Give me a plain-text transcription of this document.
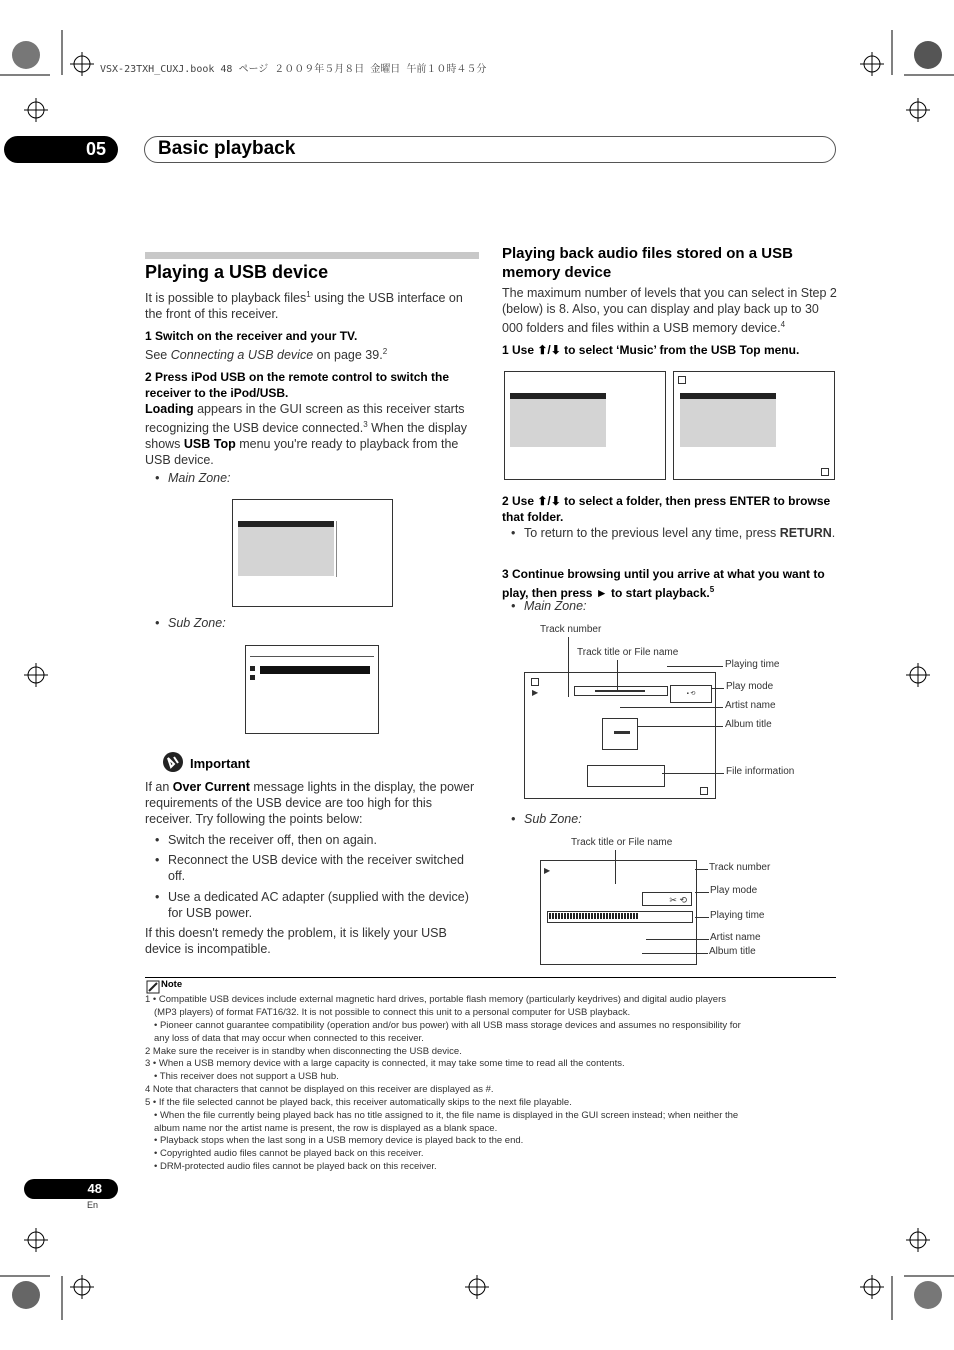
VSX-23TXH_CUXJ.book 48 ページ ２００９年５月８日 金曜日 午前１０時４５分
05	Basic playback
Playing a USB device
It is possible to playback files$^1$ using the USB interface on the front of this receiver.
1 Switch on the receiver and your TV.
See Connecting a USB device on page 39.$^2$
2 Press iPod USB on the remote control to switch the receiver to the iPod/USB.
Loading appears in the GUI screen as this receiver starts recognizing the USB device connected.$^3$ When the display shows USB Top menu you're ready to playback from the USB device.
• Main Zone:
• Sub Zone:
Important
If an Over Current message lights in the display, the power requirements of the USB device are too high for this receiver. Try following the points below:
• Switch the receiver off, then on again.
• Reconnect the USB device with the receiver switched off.
• Use a dedicated AC adapter (supplied with the device) for USB power.
If this doesn't remedy the problem, it is likely your USB device is incompatible.
Playing back audio files stored on a USB memory device
The maximum number of levels that you can select in Step 2 (below) is 8. Also, you can display and play back up to 30 000 folders and files within a USB memory device.$^4$
1 Use ⬆/⬇ to select ‘Music’ from the USB Top menu.
2 Use ⬆/⬇ to select a folder, then press ENTER to browse that folder.
• To return to the previous level any time, press RETURN.
3 Continue browsing until you arrive at what you want to play, then press ► to start playback.$^5$
• Main Zone:
▶	▪ ⟲
Track number
Track title or File name
Playing time
Play mode
Artist name
Album title
File information
• Sub Zone:
▶
✂ ⟲
Track title or File name
Track number
Play mode
Playing time
Artist name
Album title
Note
1 • Compatible USB devices include external magnetic hard drives, portable flash memory (particularly keydrives) and digital audio players
(MP3 players) of format FAT16/32. It is not possible to connect this unit to a personal computer for USB playback.
• Pioneer cannot guarantee compatibility (operation and/or bus power) with all USB mass storage devices and assumes no responsibility for
any loss of data that may occur when connected to this receiver.
2 Make sure the receiver is in standby when disconnecting the USB device.
3 • When a USB memory device with a large capacity is connected, it may take some time to read all the contents.
• This receiver does not support a USB hub.
4 Note that characters that cannot be displayed on this receiver are displayed as #.
5 • If the file selected cannot be played back, this receiver automatically skips to the next file playable.
• When the file currently being played back has no title assigned to it, the file name is displayed in the GUI screen instead; when neither the
album name nor the artist name is present, the row is displayed as a blank space.
• Playback stops when the last song in a USB memory device is played back to the end.
• Copyrighted audio files cannot be played back on this receiver.
• DRM-protected audio files cannot be played back on this receiver.
48
En
